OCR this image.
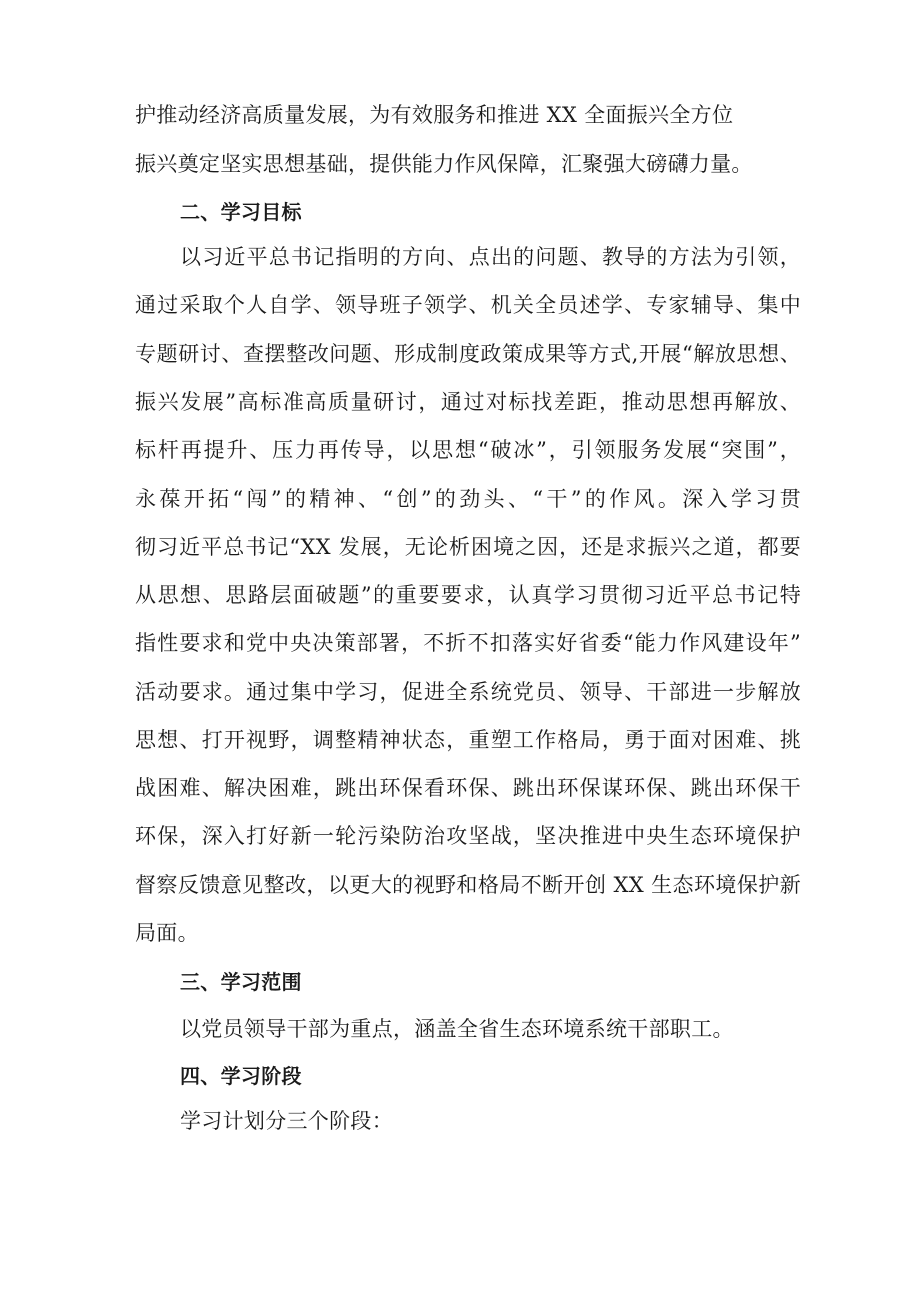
护推动经济高质量发展，为有效服务和推进 XX 全面振兴全方位
振兴奠定坚实思想基础，提供能力作风保障，汇聚强大磅礴力量。
二、学习目标
以习近平总书记指明的方向、点出的问题、教导的方法为引领，
通过采取个人自学、领导班子领学、机关全员述学、专家辅导、集中
专题研讨、查摆整改问题、形成制度政策成果等方式,开展“解放思想、
振兴发展”高标准高质量研讨，通过对标找差距，推动思想再解放、
标杆再提升、压力再传导，以思想“破冰”，引领服务发展“突围”，
永葆开拓“闯”的精神、“创”的劲头、“干”的作风。深入学习贯
彻习近平总书记“XX 发展，无论析困境之因，还是求振兴之道，都要
从思想、思路层面破题”的重要要求，认真学习贯彻习近平总书记特
指性要求和党中央决策部署，不折不扣落实好省委“能力作风建设年”
活动要求。通过集中学习，促进全系统党员、领导、干部进一步解放
思想、打开视野，调整精神状态，重塑工作格局，勇于面对困难、挑
战困难、解决困难，跳出环保看环保、跳出环保谋环保、跳出环保干
环保，深入打好新一轮污染防治攻坚战，坚决推进中央生态环境保护
督察反馈意见整改，以更大的视野和格局不断开创 XX 生态环境保护新
局面。
三、学习范围
以党员领导干部为重点，涵盖全省生态环境系统干部职工。
四、学习阶段
学习计划分三个阶段：
